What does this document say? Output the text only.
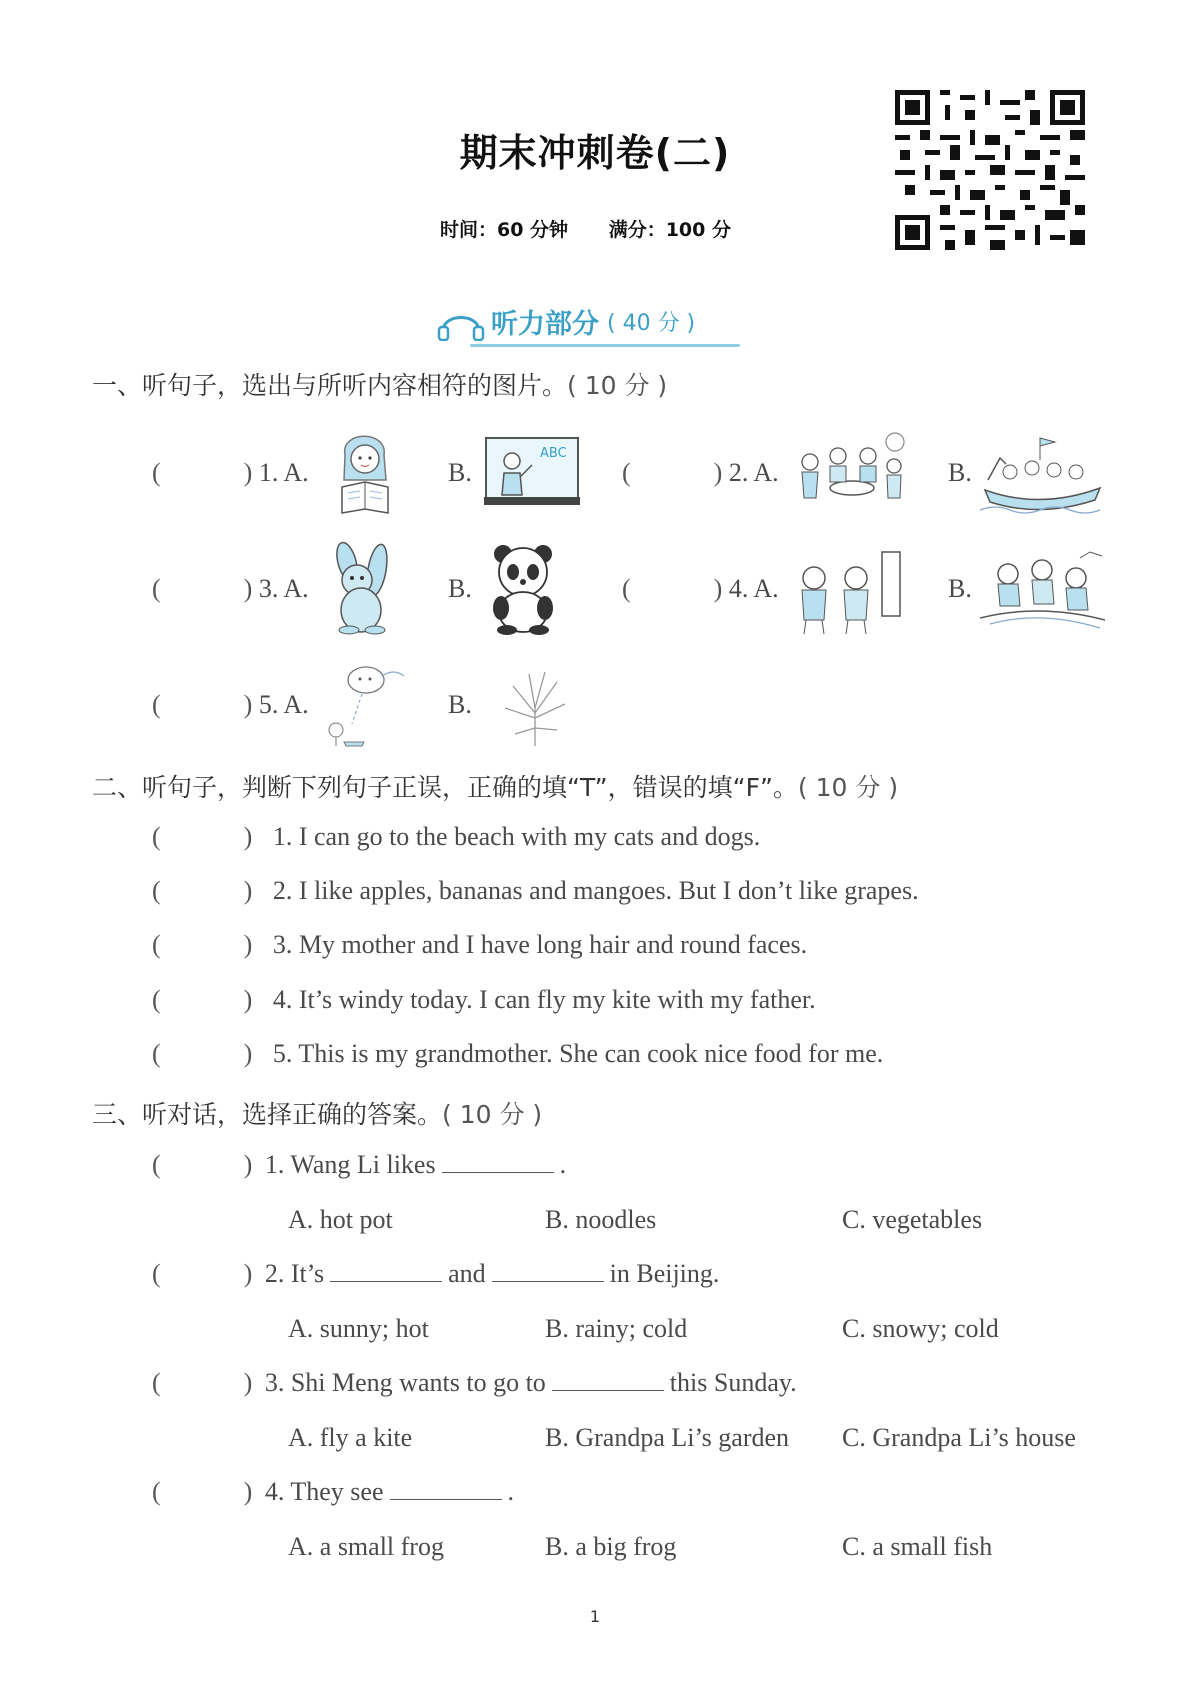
期末冲刺卷(二)
时间：60 分钟 满分：100 分
听力部分 ( 40 分 )
一、听句子，选出与所听内容相符的图片。( 10 分 )
(	) 1. A.	B.
ABC
(	) 2. A.	B.
(	) 3. A.	B.	(	) 4. A.	B.
(	) 5. A.	B.
二、听句子，判断下列句子正误，正确的填“T”，错误的填“F”。( 10 分 )
(	) 1. I can go to the beach with my cats and dogs.
(	) 2. I like apples, bananas and mangoes. But I don’t like grapes.
(	) 3. My mother and I have long hair and round faces.
(	) 4. It’s windy today. I can fly my kite with my father.
(	) 5. This is my grandmother. She can cook nice food for me.
三、听对话，选择正确的答案。( 10 分 )
(	) 1. Wang Li likes	.
A. hot pot	B. noodles	C. vegetables
(	) 2. It’s	and	in Beijing.
A. sunny; hot	B. rainy; cold	C. snowy; cold
(	) 3. Shi Meng wants to go to	this Sunday.
A. fly a kite	B. Grandpa Li’s garden C. Grandpa Li’s house
(	) 4. They see	.
A. a small frog	B. a big frog	C. a small fish
1
